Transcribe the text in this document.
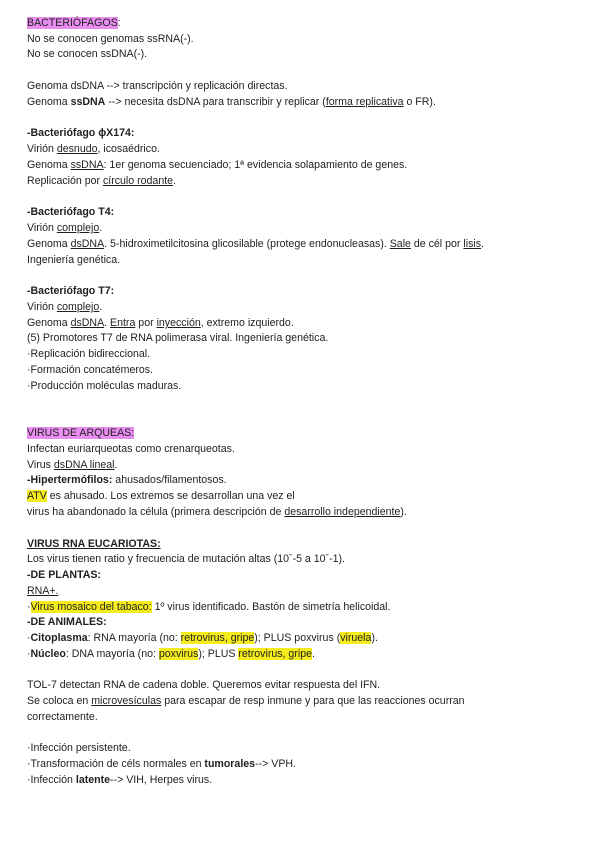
BACTERIÓFAGOS:
No se conocen genomas ssRNA(-).
No se conocen ssDNA(-).
Genoma dsDNA --> transcripción y replicación directas.
Genoma ssDNA --> necesita dsDNA para transcribir y replicar (forma replicativa o FR).
-Bacteriófago ɸX174:
Virión desnudo, icosaédrico.
Genoma ssDNA: 1er genoma secuenciado; 1ª evidencia solapamiento de genes.
Replicación por círculo rodante.
-Bacteriófago T4:
Virión complejo.
Genoma dsDNA. 5-hidroximetilcitosina glicosilable (protege endonucleasas). Sale de cél por lisis.
Ingeniería genética.
-Bacteriófago T7:
Virión complejo.
Genoma dsDNA. Entra por inyección, extremo izquierdo.
(5) Promotores T7 de RNA polimerasa viral. Ingeniería genética.
·Replicación bidireccional.
·Formación concatémeros.
·Producción moléculas maduras.
VIRUS DE ARQUEAS:
Infectan euriarqueotas como crenarqueotas.
Virus dsDNA lineal.
-Hipertermófilos: ahusados/filamentosos.
ATV es ahusado. Los extremos se desarrollan una vez el
virus ha abandonado la célula (primera descripción de desarrollo independiente).
VIRUS RNA EUCARIOTAS:
Los virus tienen ratio y frecuencia de mutación altas (10ˉ-5 a 10ˉ-1).
-DE PLANTAS:
RNA+.
·Virus mosaico del tabaco: 1º virus identificado. Bastón de simetría helicoidal.
-DE ANIMALES:
·Citoplasma: RNA mayoría (no: retrovirus, gripe); PLUS poxvirus (viruela).
·Núcleo: DNA mayoría (no: poxvirus); PLUS retrovirus, gripe.
TOL-7 detectan RNA de cadena doble. Queremos evitar respuesta del IFN.
Se coloca en microvesículas para escapar de resp inmune y para que las reacciones ocurran
correctamente.
·Infección persistente.
·Transformación de céls normales en tumorales--> VPH.
·Infección latente--> VIH, Herpes virus.
